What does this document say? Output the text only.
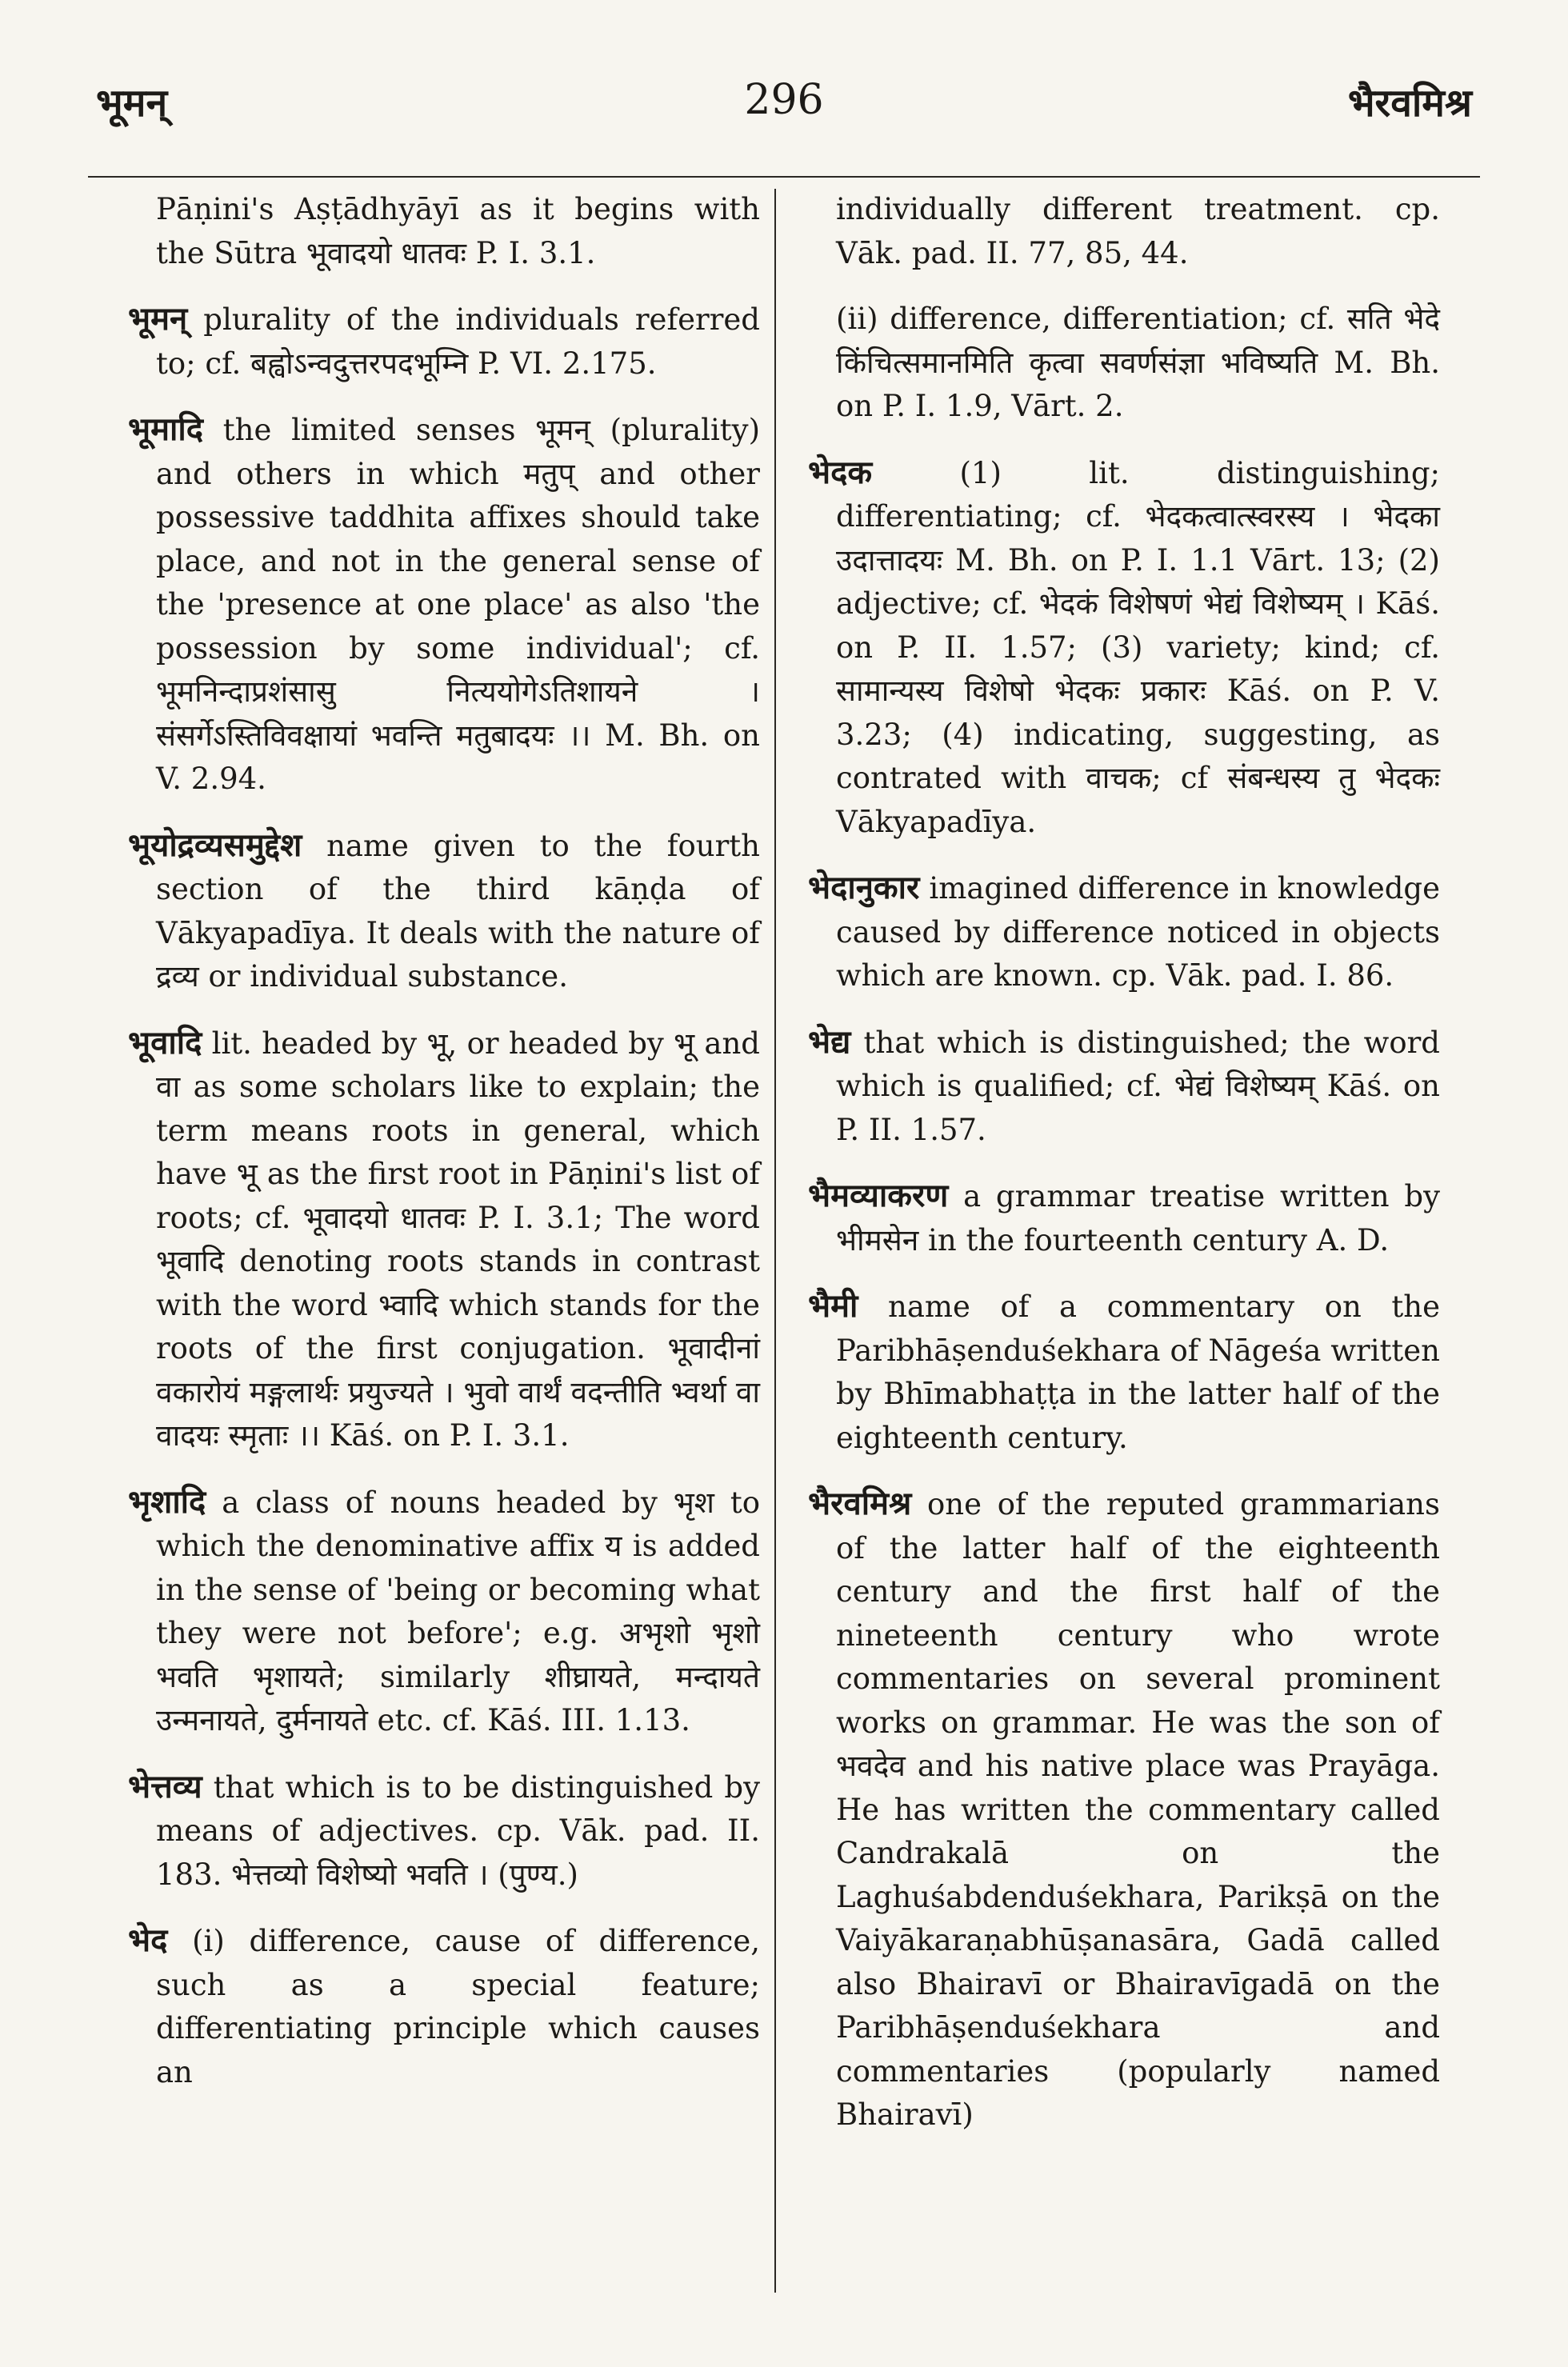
296
भूमन्	भैरवमिश्र

Pāṇini's Aṣṭādhyāyī as it begins with the Sūtra भूवादयो धातवः P. I. 3.1.

भूमन् plurality of the individuals referred to; cf. बह्वोऽन्वदुत्तरपदभूम्नि P. VI. 2.175.

भूमादि the limited senses भूमन् (plurality) and others in which मतुप् and other possessive taddhita affixes should take place, and not in the general sense of the 'presence at one place' as also 'the possession by some individual'; cf. भूमनिन्दाप्रशंसासु नित्ययोगेऽतिशायने । संसर्गेऽस्तिविवक्षायां भवन्ति मतुबादयः ।। M. Bh. on V. 2.94.

भूयोद्रव्यसमुद्देश name given to the fourth section of the third kāṇḍa of Vākyapadīya. It deals with the nature of द्रव्य or individual substance.

भूवादि lit. headed by भू, or headed by भू and वा as some scholars like to explain; the term means roots in general, which have भू as the first root in Pāṇini's list of roots; cf. भूवादयो धातवः P. I. 3.1; The word भूवादि denoting roots stands in contrast with the word भ्वादि which stands for the roots of the first conjugation. भूवादीनां वकारोयं मङ्गलार्थः प्रयुज्यते । भुवो वार्थं वदन्तीति भ्वर्था वा वादयः स्मृताः ।। Kāś. on P. I. 3.1.

भृशादि a class of nouns headed by भृश to which the denominative affix य is added in the sense of 'being or becoming what they were not before'; e.g. अभृशो भृशो भवति भृशायते; similarly शीघ्रायते, मन्दायते उन्मनायते, दुर्मनायते etc. cf. Kāś. III. 1.13.

भेत्तव्य that which is to be distinguished by means of adjectives. cp. Vāk. pad. II. 183. भेत्तव्यो विशेष्यो भवति । (पुण्य.)

भेद (i) difference, cause of difference, such as a special feature; differentiating principle which causes an

individually different treatment. cp. Vāk. pad. II. 77, 85, 44.

(ii) difference, differentiation; cf. सति भेदे किंचित्समानमिति कृत्वा सवर्णसंज्ञा भविष्यति M. Bh. on P. I. 1.9, Vārt. 2.

भेदक	(1) lit. distinguishing; differentiating; cf. भेदकत्वात्स्वरस्य । भेदका उदात्तादयः M. Bh. on P. I. 1.1 Vārt. 13; (2) adjective; cf. भेदकं विशेषणं भेद्यं विशेष्यम् । Kāś. on P. II. 1.57; (3) variety; kind; cf. सामान्यस्य विशेषो भेदकः प्रकारः Kāś. on P. V. 3.23; (4) indicating, suggesting, as contrated with वाचक; cf संबन्धस्य तु भेदकः Vākyapadīya.

भेदानुकार imagined difference in knowledge caused by difference noticed in objects which are known. cp. Vāk. pad. I. 86.

भेद्य that which is distinguished; the word which is qualified; cf. भेद्यं विशेष्यम् Kāś. on P. II. 1.57.

भैमव्याकरण a grammar treatise written by भीमसेन in the fourteenth century A. D.

भैमी name of a commentary on the Paribhāṣenduśekhara of Nāgeśa written by Bhīmabhaṭṭa in the latter half of the eighteenth century.

भैरवमिश्र one of the reputed grammarians of the latter half of the eighteenth century and the first half of the nineteenth century who wrote commentaries on several prominent works on grammar. He was the son of भवदेव and his native place was Prayāga. He has written the commentary called Candrakalā on the Laghuśabdenduśekhara, Parikṣā on the Vaiyākaraṇabhūṣanasāra, Gadā called also Bhairavī or Bhairavīgadā on the Paribhāṣenduśekhara and commentaries (popularly named Bhairavī)
